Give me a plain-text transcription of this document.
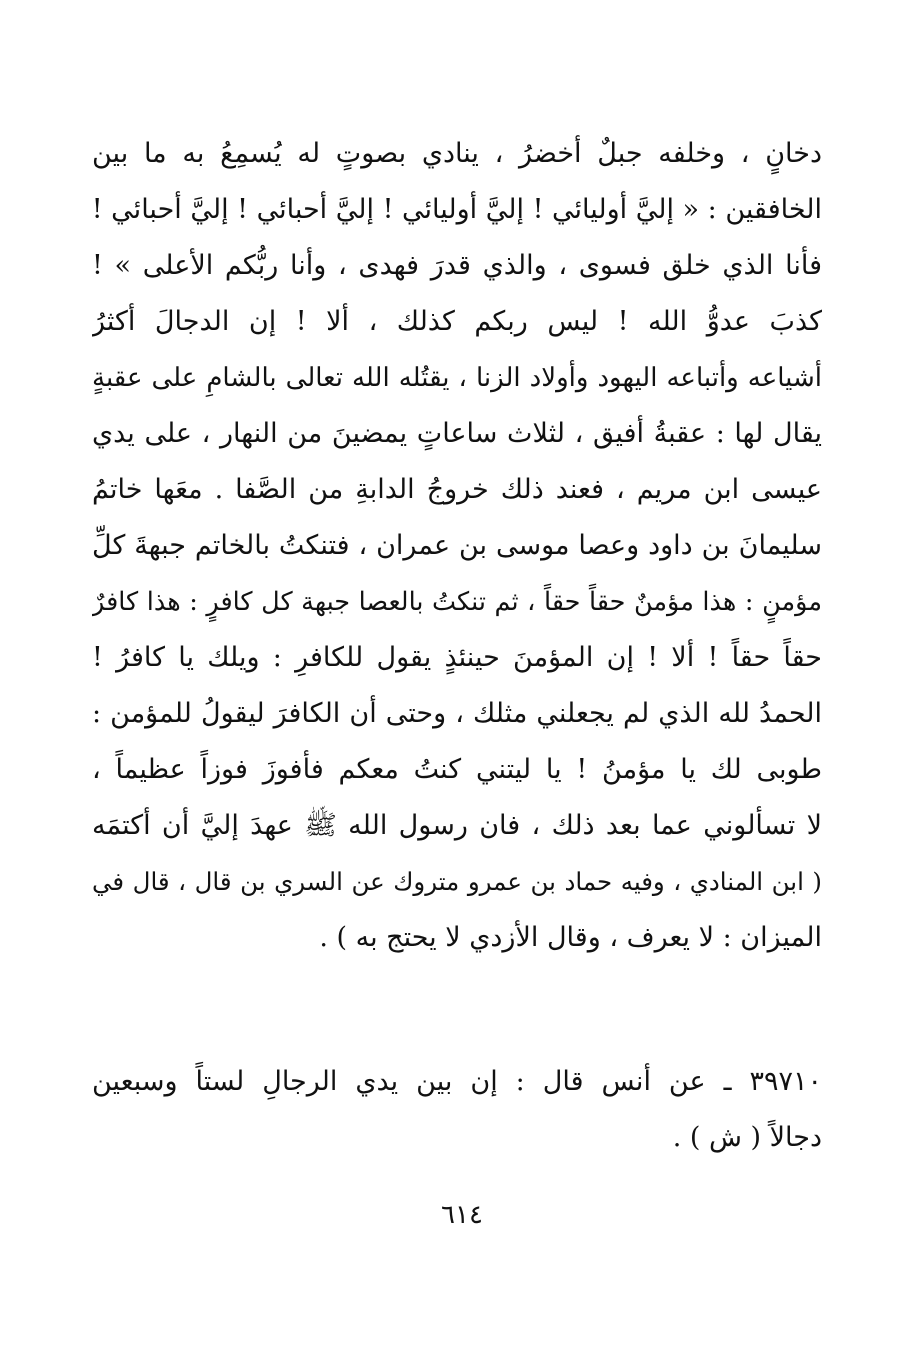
دخانٍ ، وخلفه جبلٌ أخضرُ ، ينادي بصوتٍ له يُسمِعُ به ما بين
الخافقين : « إليَّ أوليائي ! إليَّ أوليائي ! إليَّ أحبائي ! إليَّ أحبائي !
فأنا الذي خلق فسوى ، والذي قدرَ فهدى ، وأنا ربُّكم الأعلى » !
كذبَ عدوُّ الله ! ليس ربكم كذلك ، ألا ! إن الدجالَ أكثرُ
أشياعه وأتباعه اليهود وأولاد الزنا ، يقتُله الله تعالى بالشامِ على عقبةٍ
يقال لها : عقبةُ أفيق ، لثلاث ساعاتٍ يمضينَ من النهار ، على يدي
عيسى ابن مريم ، فعند ذلك خروجُ الدابةِ من الصَّفا . معَها خاتمُ
سليمانَ بن داود وعصا موسى بن عمران ، فتنكتُ بالخاتم جبهةَ كلِّ
مؤمنٍ : هذا مؤمنٌ حقاً حقاً ، ثم تنكتُ بالعصا جبهة كل كافرٍ : هذا كافرٌ
حقاً حقاً ! ألا ! إن المؤمنَ حينئذٍ يقول للكافرِ : ويلك يا كافرُ !
الحمدُ لله الذي لم يجعلني مثلك ، وحتى أن الكافرَ ليقولُ للمؤمن :
طوبى لك يا مؤمنُ ! يا ليتني كنتُ معكم فأفوزَ فوزاً عظيماً ،
لا تسألوني عما بعد ذلك ، فان رسول الله ﷺ عهدَ إليَّ أن أكتمَه
( ابن المنادي ، وفيه حماد بن عمرو متروك عن السري بن قال ، قال في
الميزان : لا يعرف ، وقال الأزدي لا يحتج به ) .
٣٩٧١٠ ـ عن أنس قال : إن بين يدي الرجالِ لستاً وسبعين
دجالاً ( ش ) .
٦١٤
